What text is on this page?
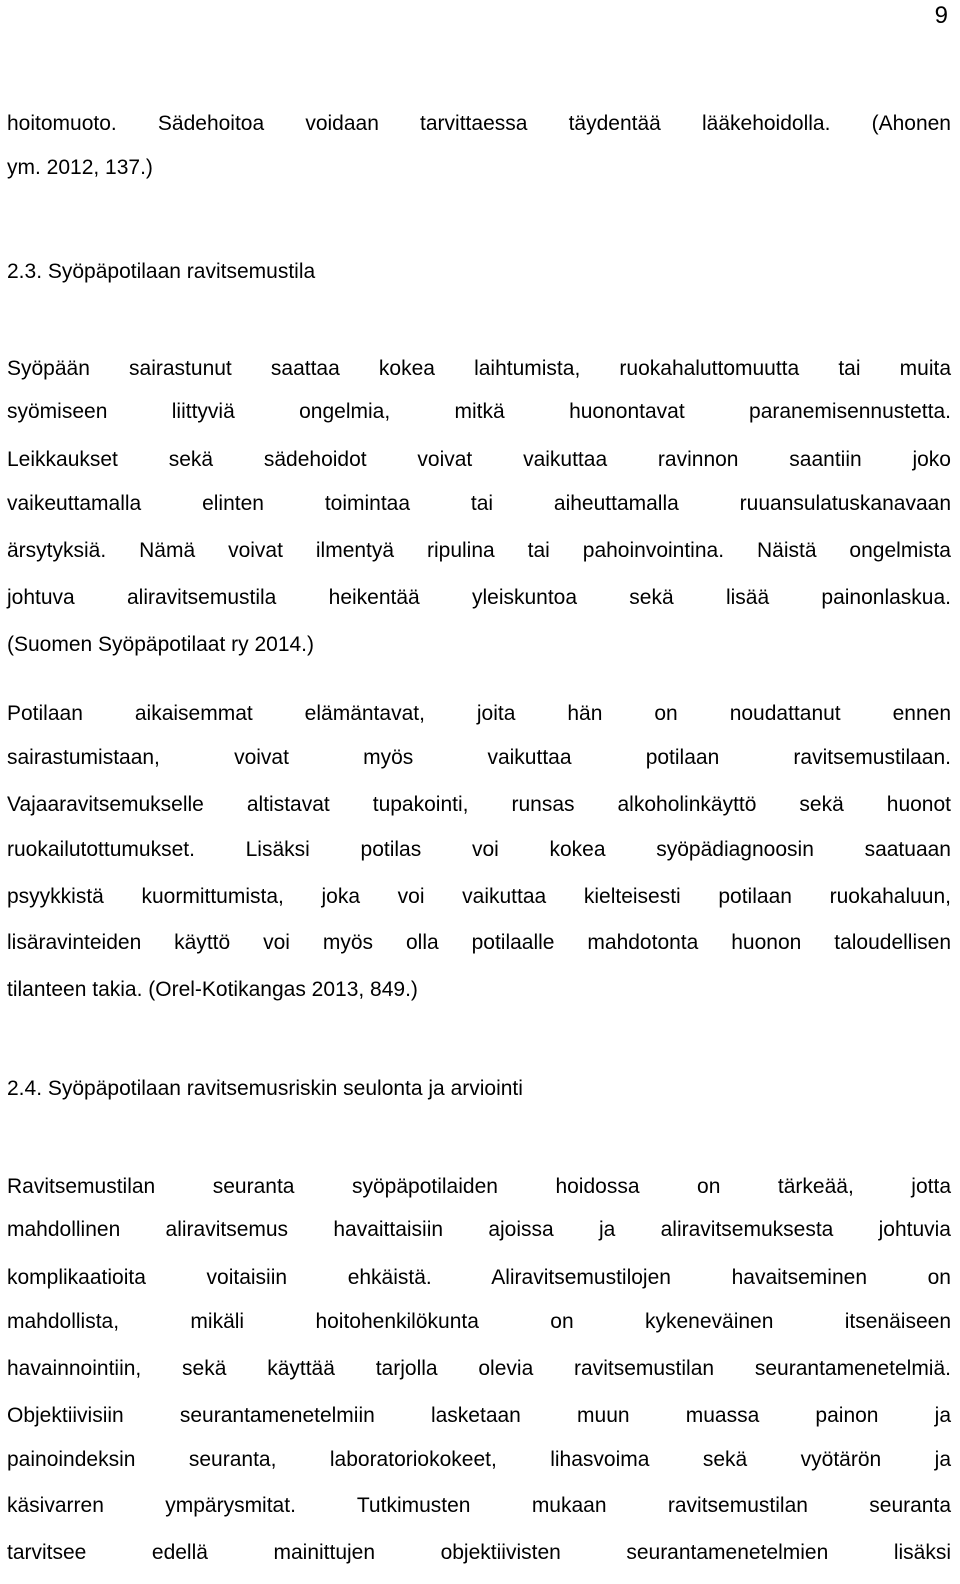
9
hoitomuoto. Sädehoitoa voidaan tarvittaessa täydentää lääkehoidolla. (Ahonen
ym. 2012, 137.)
2.3. Syöpäpotilaan ravitsemustila
Syöpään sairastunut saattaa kokea laihtumista, ruokahaluttomuutta tai muita
syömiseen liittyviä ongelmia, mitkä huonontavat paranemisennustetta.
Leikkaukset sekä sädehoidot voivat vaikuttaa ravinnon saantiin joko
vaikeuttamalla elinten toimintaa tai aiheuttamalla ruuansulatuskanavaan
ärsytyksiä. Nämä voivat ilmentyä ripulina tai pahoinvointina. Näistä ongelmista
johtuva aliravitsemustila heikentää yleiskuntoa sekä lisää painonlaskua.
(Suomen Syöpäpotilaat ry 2014.)
Potilaan aikaisemmat elämäntavat, joita hän on noudattanut ennen
sairastumistaan, voivat myös vaikuttaa potilaan ravitsemustilaan.
Vajaaravitsemukselle altistavat tupakointi, runsas alkoholinkäyttö sekä huonot
ruokailutottumukset. Lisäksi potilas voi kokea syöpädiagnoosin saatuaan
psyykkistä kuormittumista, joka voi vaikuttaa kielteisesti potilaan ruokahaluun,
lisäravinteiden käyttö voi myös olla potilaalle mahdotonta huonon taloudellisen
tilanteen takia. (Orel-Kotikangas 2013, 849.)
2.4. Syöpäpotilaan ravitsemusriskin seulonta ja arviointi
Ravitsemustilan seuranta syöpäpotilaiden hoidossa on tärkeää, jotta
mahdollinen aliravitsemus havaittaisiin ajoissa ja aliravitsemuksesta johtuvia
komplikaatioita voitaisiin ehkäistä. Aliravitsemustilojen havaitseminen on
mahdollista, mikäli hoitohenkilökunta on kykeneväinen itsenäiseen
havainnointiin, sekä käyttää tarjolla olevia ravitsemustilan seurantamenetelmiä.
Objektiivisiin seurantamenetelmiin lasketaan muun muassa painon ja
painoindeksin seuranta, laboratoriokokeet, lihasvoima sekä vyötärön ja
käsivarren ympärysmitat. Tutkimusten mukaan ravitsemustilan seuranta
tarvitsee edellä mainittujen objektiivisten seurantamenetelmien lisäksi
